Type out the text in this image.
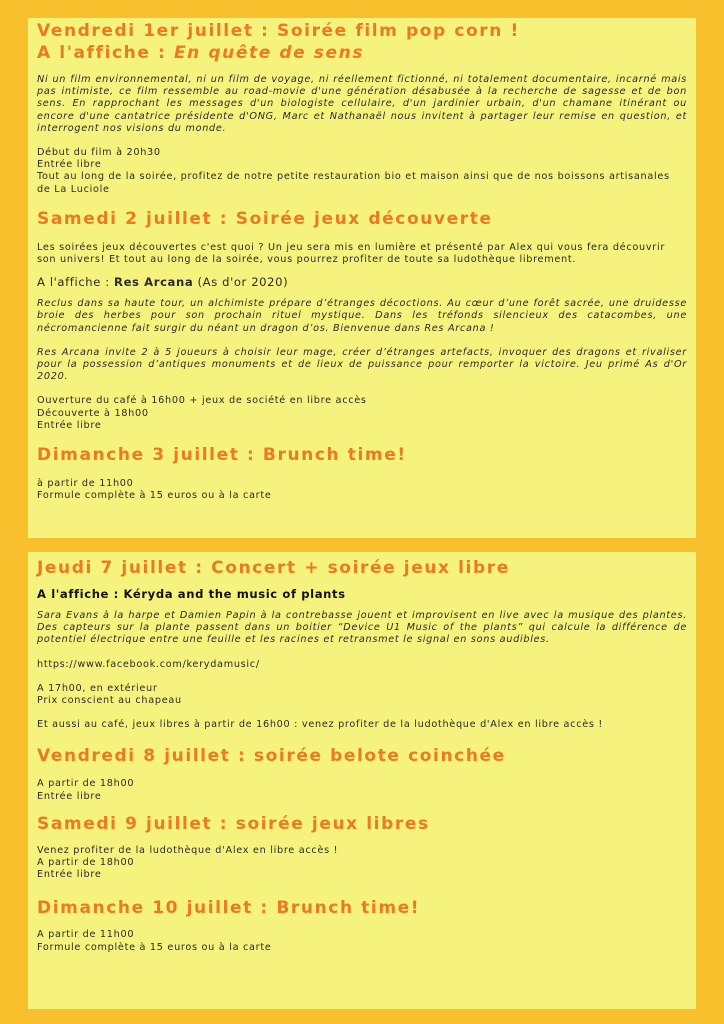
Vendredi 1er juillet : Soirée film pop corn !
A l'affiche : En quête de sens

Ni un film environnemental, ni un film de voyage, ni réellement fictionné, ni totalement documentaire, incarné mais pas intimiste, ce film ressemble au road-movie d'une génération désabusée à la recherche de sagesse et de bon sens. En rapprochant les messages d'un biologiste cellulaire, d'un jardinier urbain, d'un chamane itinérant ou encore d'une cantatrice présidente d'ONG, Marc et Nathanaël nous invitent à partager leur remise en question, et interrogent nos visions du monde.

Début du film à 20h30

Entrée libre

Tout au long de la soirée, profitez de notre petite restauration bio et maison ainsi que de nos boissons artisanales de La Luciole

Samedi 2 juillet : Soirée jeux découverte

Les soirées jeux découvertes c'est quoi ? Un jeu sera mis en lumière et présenté par Alex qui vous fera découvrir son univers! Et tout au long de la soirée, vous pourrez profiter de toute sa ludothèque librement.

A l'affiche : Res Arcana (As d'or 2020)

Reclus dans sa haute tour, un alchimiste prépare d’étranges décoctions. Au cœur d’une forêt sacrée, une druidesse broie des herbes pour son prochain rituel mystique. Dans les tréfonds silencieux des catacombes, une nécromancienne fait surgir du néant un dragon d’os. Bienvenue dans Res Arcana !

Res Arcana invite 2 à 5 joueurs à choisir leur mage, créer d’étranges artefacts, invoquer des dragons et rivaliser pour la possession d’antiques monuments et de lieux de puissance pour remporter la victoire. Jeu primé As d'Or 2020.

Ouverture du café à 16h00 + jeux de société en libre accès

Découverte à 18h00

Entrée libre

Dimanche 3 juillet : Brunch time!

à partir de 11h00

Formule complète à 15 euros ou à la carte

Jeudi 7 juillet : Concert + soirée jeux libre

A l'affiche : Kéryda and the music of plants

Sara Evans à la harpe et Damien Papin à la contrebasse jouent et improvisent en live avec la musique des plantes. Des capteurs sur la plante passent dans un boitier “Device U1 Music of the plants” qui calcule la différence de potentiel électrique entre une feuille et les racines et retransmet le signal en sons audibles.

https://www.facebook.com/kerydamusic/

A 17h00, en extérieur

Prix conscient au chapeau

Et aussi au café, jeux libres à partir de 16h00 : venez profiter de la ludothèque d'Alex en libre accès !

Vendredi 8 juillet : soirée belote coinchée

A partir de 18h00

Entrée libre

Samedi 9 juillet : soirée jeux libres

Venez profiter de la ludothèque d'Alex en libre accès !

A partir de 18h00

Entrée libre

Dimanche 10 juillet : Brunch time!

A partir de 11h00

Formule complète à 15 euros ou à la carte
